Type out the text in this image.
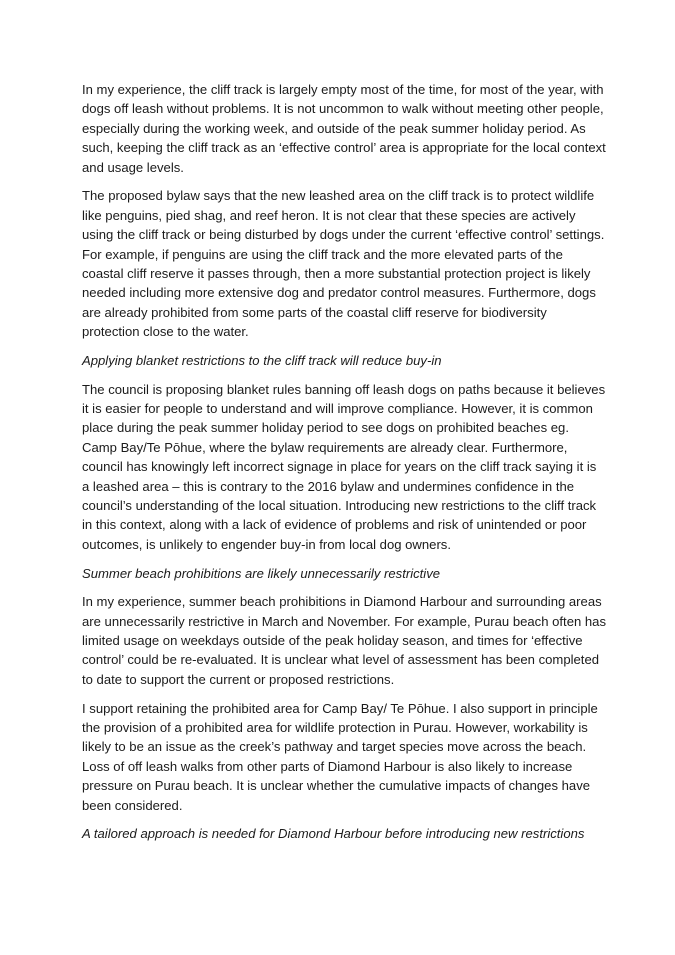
In my experience, the cliff track is largely empty most of the time, for most of the year, with dogs off leash without problems. It is not uncommon to walk without meeting other people, especially during the working week, and outside of the peak summer holiday period. As such, keeping the cliff track as an ‘effective control’ area is appropriate for the local context and usage levels.

The proposed bylaw says that the new leashed area on the cliff track is to protect wildlife like penguins, pied shag, and reef heron. It is not clear that these species are actively using the cliff track or being disturbed by dogs under the current ‘effective control’ settings. For example, if penguins are using the cliff track and the more elevated parts of the coastal cliff reserve it passes through, then a more substantial protection project is likely needed including more extensive dog and predator control measures. Furthermore, dogs are already prohibited from some parts of the coastal cliff reserve for biodiversity protection close to the water.

Applying blanket restrictions to the cliff track will reduce buy-in

The council is proposing blanket rules banning off leash dogs on paths because it believes it is easier for people to understand and will improve compliance. However, it is common place during the peak summer holiday period to see dogs on prohibited beaches eg. Camp Bay/Te Pōhue, where the bylaw requirements are already clear. Furthermore, council has knowingly left incorrect signage in place for years on the cliff track saying it is a leashed area – this is contrary to the 2016 bylaw and undermines confidence in the council’s understanding of the local situation. Introducing new restrictions to the cliff track in this context, along with a lack of evidence of problems and risk of unintended or poor outcomes, is unlikely to engender buy-in from local dog owners.

Summer beach prohibitions are likely unnecessarily restrictive

In my experience, summer beach prohibitions in Diamond Harbour and surrounding areas are unnecessarily restrictive in March and November. For example, Purau beach often has limited usage on weekdays outside of the peak holiday season, and times for ‘effective control’ could be re-evaluated. It is unclear what level of assessment has been completed to date to support the current or proposed restrictions.

I support retaining the prohibited area for Camp Bay/ Te Pōhue. I also support in principle the provision of a prohibited area for wildlife protection in Purau. However, workability is likely to be an issue as the creek’s pathway and target species move across the beach. Loss of off leash walks from other parts of Diamond Harbour is also likely to increase pressure on Purau beach. It is unclear whether the cumulative impacts of changes have been considered.

A tailored approach is needed for Diamond Harbour before introducing new restrictions
